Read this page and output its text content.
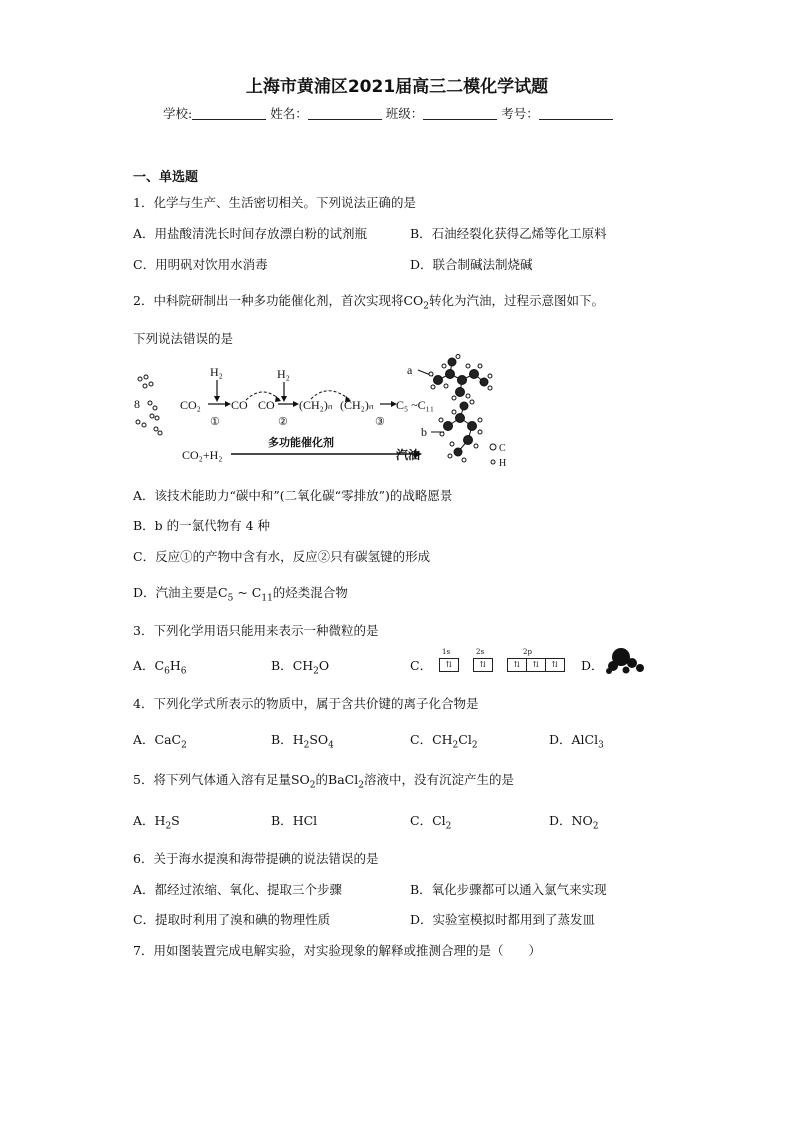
上海市黄浦区2021届高三二模化学试题
学校:	姓名：	班级：	考号：
一、单选题
1．化学与生产、生活密切相关。下列说法正确的是
A．用盐酸清洗长时间存放漂白粉的试剂瓶	B．石油经裂化获得乙烯等化工原料
C．用明矾对饮用水消毒	D．联合制碱法制烧碱
2．中科院研制出一种多功能催化剂，首次实现将$CO_2$转化为汽油，过程示意图如下。
下列说法错误的是
8
H₂	H₂
CO₂	CO
①
CO
②
(CH₂)ₙ (CH₂)ₙ
③
C₅ ~C₁₁
CO₂+H₂
多功能催化剂
汽油
a
b
C
H
A．该技术能助力“碳中和”(二氧化碳“零排放”)的战略愿景
B．b 的一氯代物有 4 种
C．反应①的产物中含有水，反应②只有碳氢键的形成
D．汽油主要是$C_5$ ~ $C_{11}$的烃类混合物
3．下列化学用语只能用来表示一种微粒的是
A．$C_6H_6$	B．$CH_2O$	C．
1s	2s	2p
⇅	⇅	⇅	⇅	⇅	D．
4．下列化学式所表示的物质中，属于含共价键的离子化合物是
A．CaC$_2$	B．$H_2SO_4$	C．$CH_2Cl_2$	D．AlCl$_3$
5．将下列气体通入溶有足量$SO_2$的BaCl$_2$溶液中，没有沉淀产生的是
A．$H_2S$	B．HCl	C．$Cl_2$	D．$NO_2$
6．关于海水提溴和海带提碘的说法错误的是
A．都经过浓缩、氧化、提取三个步骤	B．氧化步骤都可以通入氯气来实现
C．提取时利用了溴和碘的物理性质	D．实验室模拟时都用到了蒸发皿
7．用如图装置完成电解实验，对实验现象的解释或推测合理的是（　　）
